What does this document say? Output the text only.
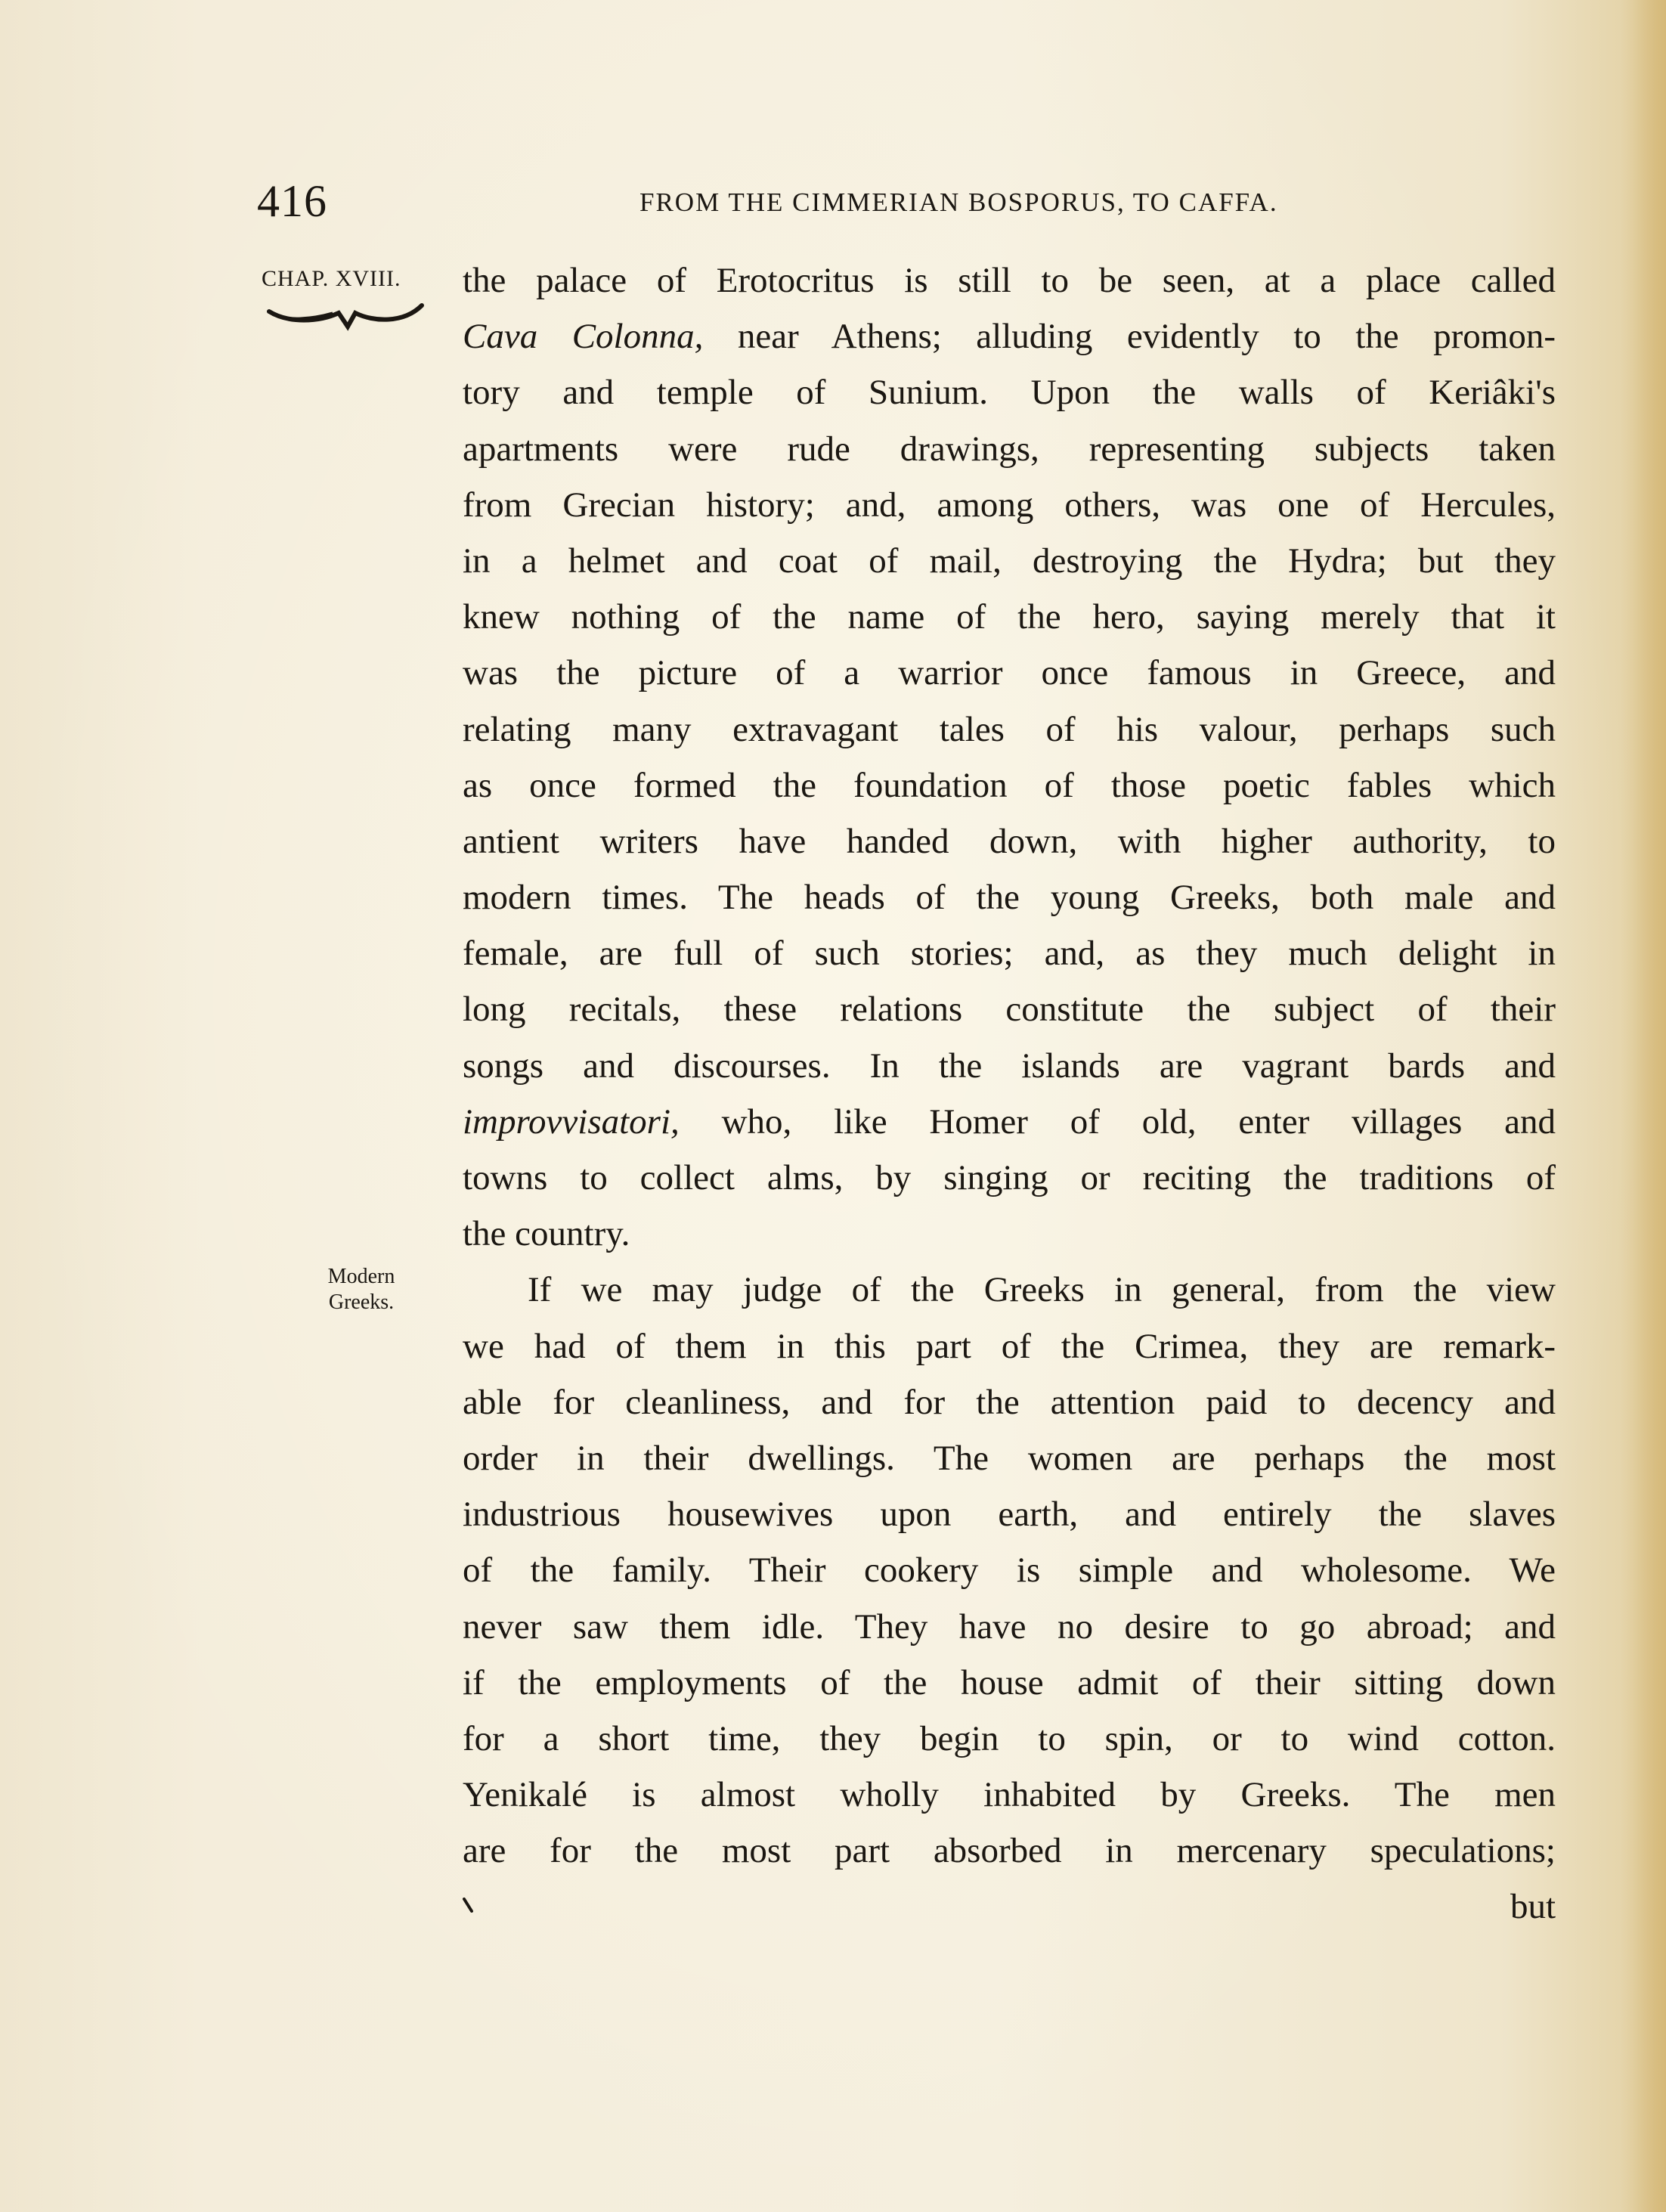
416	FROM THE CIMMERIAN BOSPORUS, TO CAFFA.
CHAP. XVIII.
Modern
Greeks.
the palace of Erotocritus is still to be seen, at a place called
Cava Colonna, near Athens; alluding evidently to the promon-
tory and temple of Sunium. Upon the walls of Keriâki's
apartments were rude drawings, representing subjects taken
from Grecian history; and, among others, was one of Hercules,
in a helmet and coat of mail, destroying the Hydra; but they
knew nothing of the name of the hero, saying merely that it
was the picture of a warrior once famous in Greece, and
relating many extravagant tales of his valour, perhaps such
as once formed the foundation of those poetic fables which
antient writers have handed down, with higher authority, to
modern times. The heads of the young Greeks, both male and
female, are full of such stories; and, as they much delight in
long recitals, these relations constitute the subject of their
songs and discourses. In the islands are vagrant bards and
improvvisatori, who, like Homer of old, enter villages and
towns to collect alms, by singing or reciting the traditions of
the country.
If we may judge of the Greeks in general, from the view
we had of them in this part of the Crimea, they are remark-
able for cleanliness, and for the attention paid to decency and
order in their dwellings. The women are perhaps the most
industrious housewives upon earth, and entirely the slaves
of the family. Their cookery is simple and wholesome. We
never saw them idle. They have no desire to go abroad; and
if the employments of the house admit of their sitting down
for a short time, they begin to spin, or to wind cotton.
Yenikalé is almost wholly inhabited by Greeks. The men
are for the most part absorbed in mercenary speculations;
but
